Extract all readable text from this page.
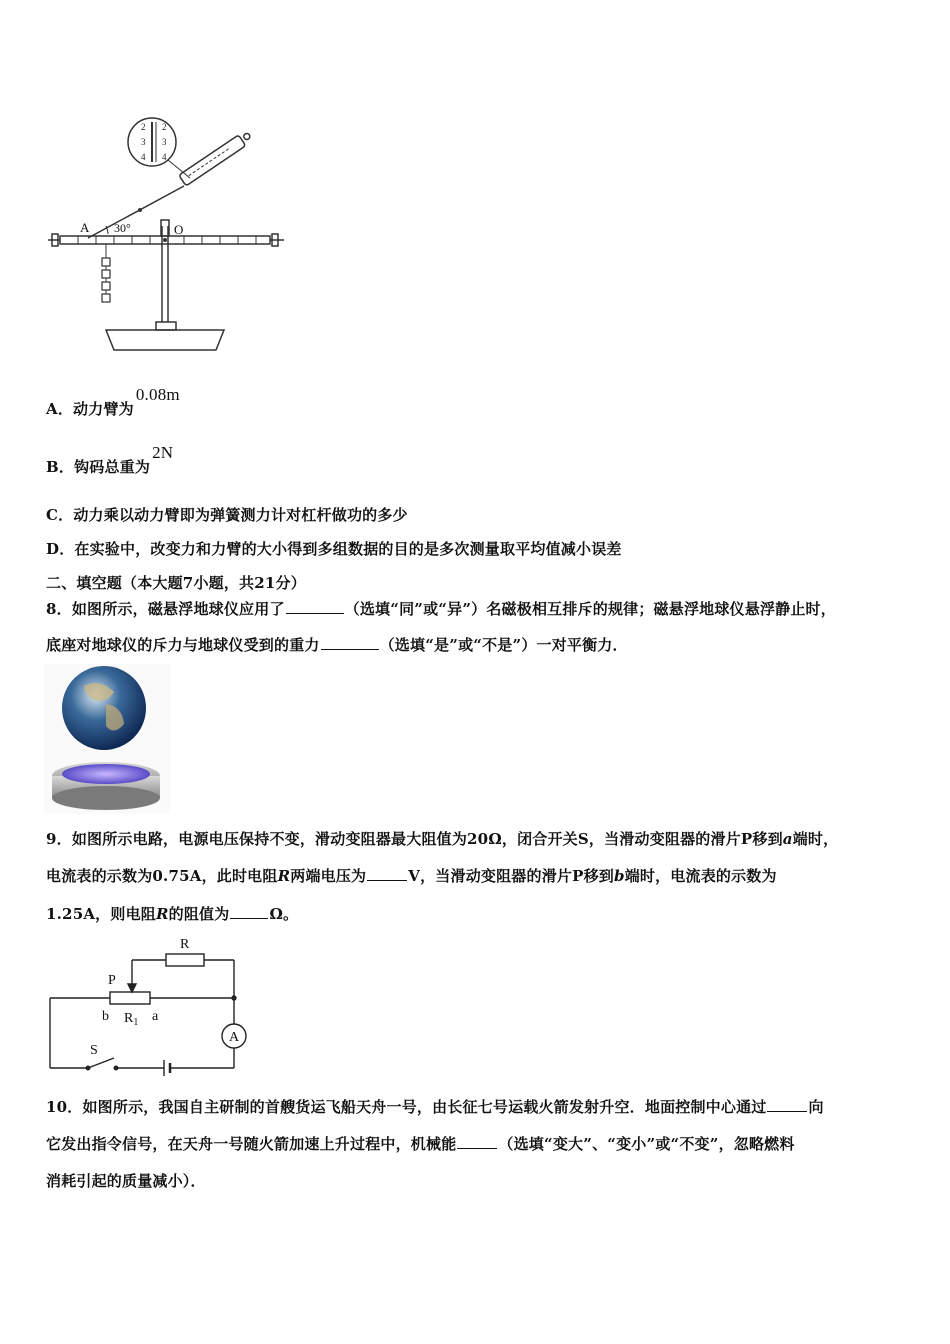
2
3
4
2
3
4
A	O
30°
A．动力臂为0.08m
B．钩码总重为2N
C．动力乘以动力臂即为弹簧测力计对杠杆做功的多少
D．在实验中，改变力和力臂的大小得到多组数据的目的是多次测量取平均值减小误差
二、填空题（本大题7小题，共21分）
8．如图所示，磁悬浮地球仪应用了	（选填“同”或“异”）名磁极相互排斥的规律；磁悬浮地球仪悬浮静止时，
底座对地球仪的斥力与地球仪受到的重力	（选填“是”或“不是”）一对平衡力．
9．如图所示电路，电源电压保持不变，滑动变阻器最大阻值为20Ω，闭合开关S，当滑动变阻器的滑片P移到a端时，
电流表的示数为0.75A，此时电阻R两端电压为	V，当滑动变阻器的滑片P移到b端时，电流表的示数为
1.25A，则电阻R的阻值为	Ω。
R
P
b $R_1$ a
S
A
10．如图所示，我国自主研制的首艘货运飞船天舟一号，由长征七号运载火箭发射升空．地面控制中心通过	向
它发出指令信号，在天舟一号随火箭加速上升过程中，机械能	（选填“变大”、“变小”或“不变”，忽略燃料
消耗引起的质量减小）．
